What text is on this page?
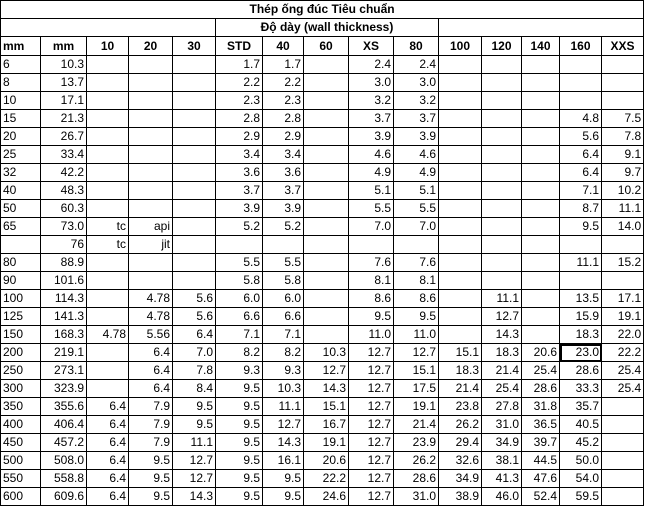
Thép ống đúc Tiêu chuẩn														
					Độ dày (wall thickness)									
mm	mm	10	20	30	STD	40	60	XS	80	100	120	140	160	XXS
6	10.3				1.7	1.7		2.4	2.4					
8	13.7				2.2	2.2		3.0	3.0					
10	17.1				2.3	2.3		3.2	3.2					
15	21.3				2.8	2.8		3.7	3.7				4.8	7.5
20	26.7				2.9	2.9		3.9	3.9				5.6	7.8
25	33.4				3.4	3.4		4.6	4.6				6.4	9.1
32	42.2				3.6	3.6		4.9	4.9				6.4	9.7
40	48.3				3.7	3.7		5.1	5.1				7.1	10.2
50	60.3				3.9	3.9		5.5	5.5				8.7	11.1
65	73.0	tc	api		5.2	5.2		7.0	7.0				9.5	14.0
	76	tc	jit											
80	88.9				5.5	5.5		7.6	7.6				11.1	15.2
90	101.6				5.8	5.8		8.1	8.1					
100	114.3		4.78	5.6	6.0	6.0		8.6	8.6		11.1		13.5	17.1
125	141.3		4.78	5.6	6.6	6.6		9.5	9.5		12.7		15.9	19.1
150	168.3	4.78	5.56	6.4	7.1	7.1		11.0	11.0		14.3		18.3	22.0
200	219.1		6.4	7.0	8.2	8.2	10.3	12.7	12.7	15.1	18.3	20.6	23.0	22.2
250	273.1		6.4	7.8	9.3	9.3	12.7	12.7	15.1	18.3	21.4	25.4	28.6	25.4
300	323.9		6.4	8.4	9.5	10.3	14.3	12.7	17.5	21.4	25.4	28.6	33.3	25.4
350	355.6	6.4	7.9	9.5	9.5	11.1	15.1	12.7	19.1	23.8	27.8	31.8	35.7	
400	406.4	6.4	7.9	9.5	9.5	12.7	16.7	12.7	21.4	26.2	31.0	36.5	40.5	
450	457.2	6.4	7.9	11.1	9.5	14.3	19.1	12.7	23.9	29.4	34.9	39.7	45.2	
500	508.0	6.4	9.5	12.7	9.5	16.1	20.6	12.7	26.2	32.6	38.1	44.5	50.0	
550	558.8	6.4	9.5	12.7	9.5	9.5	22.2	12.7	28.6	34.9	41.3	47.6	54.0	
600	609.6	6.4	9.5	14.3	9.5	9.5	24.6	12.7	31.0	38.9	46.0	52.4	59.5	
